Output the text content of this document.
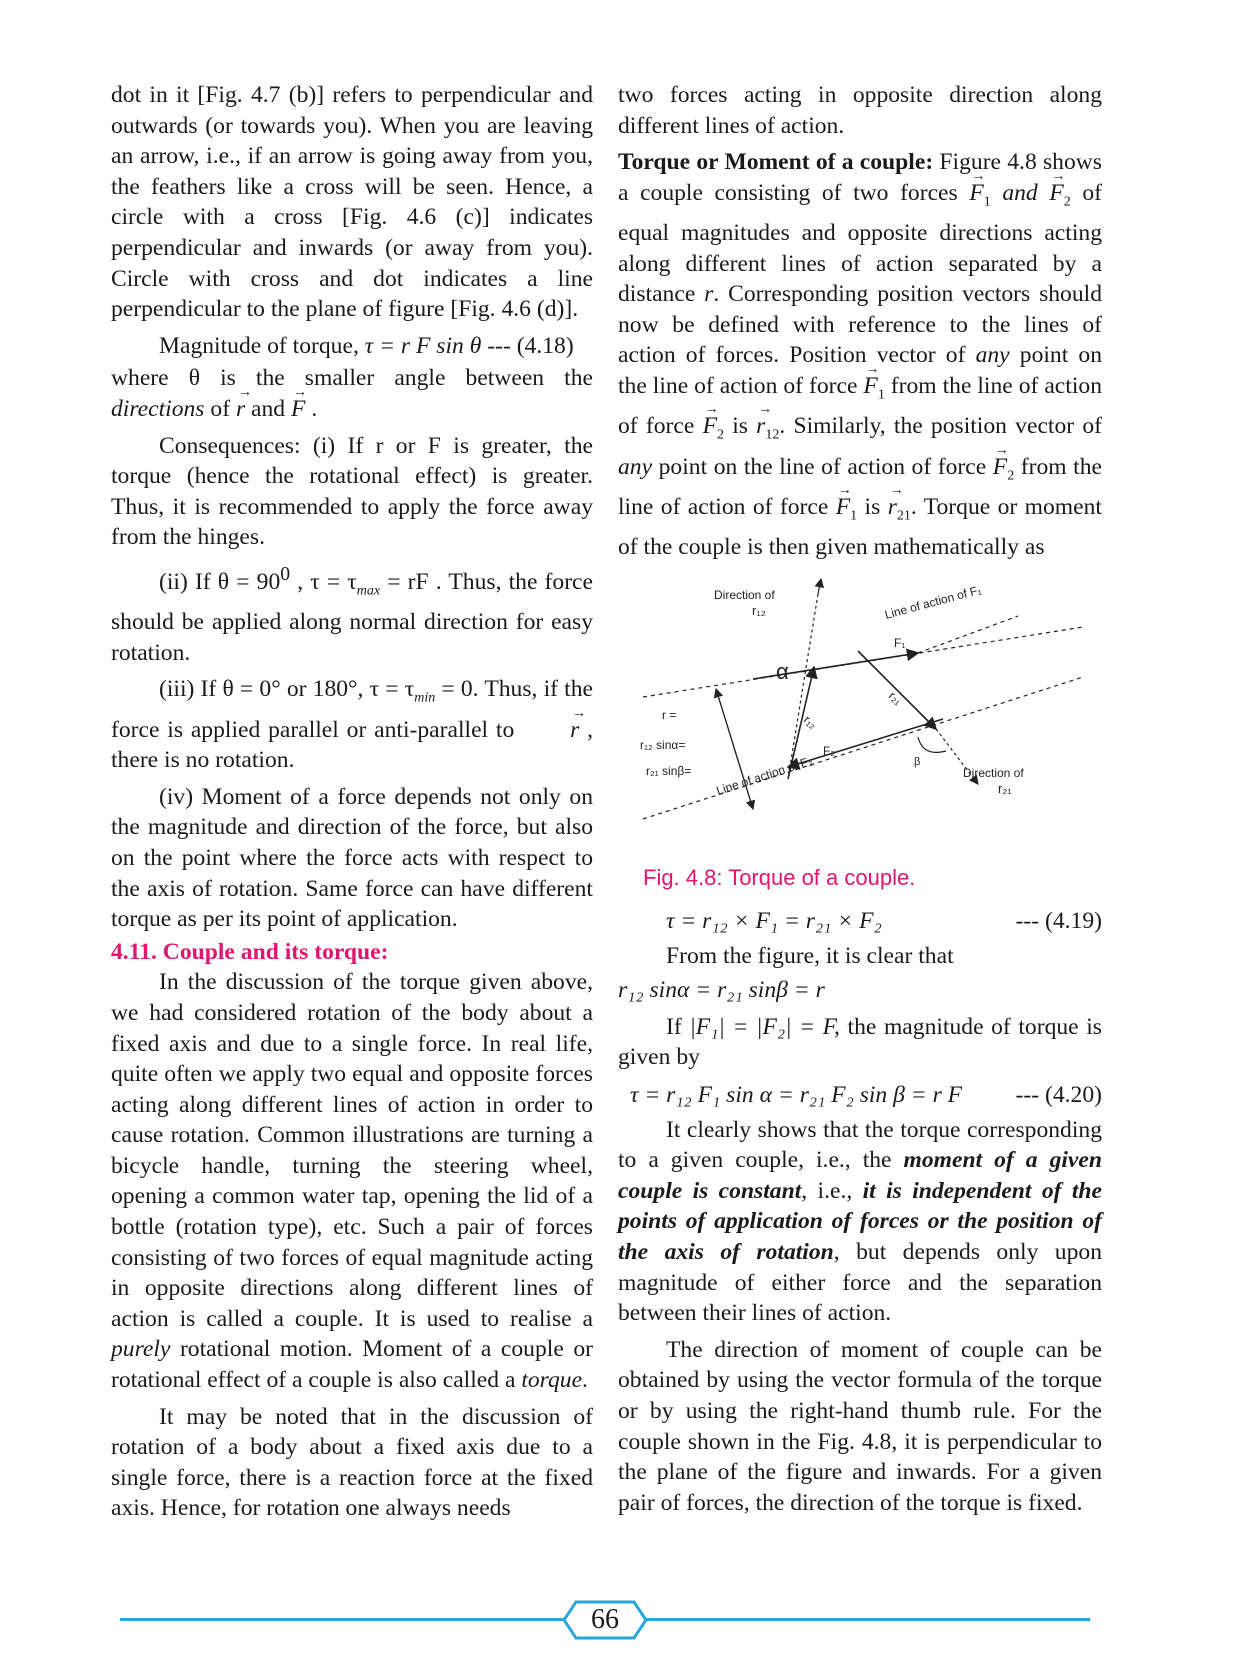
dot in it [Fig. 4.7 (b)] refers to perpendicular and outwards (or towards you). When you are leaving an arrow, i.e., if an arrow is going away from you, the feathers like a cross will be seen. Hence, a circle with a cross [Fig. 4.6 (c)] indicates perpendicular and inwards (or away from you). Circle with cross and dot indicates a line perpendicular to the plane of figure [Fig. 4.6 (d)].

Magnitude of torque, τ = r F sin θ --- (4.18)

where θ is the smaller angle between the directions of → r and → F .

Consequences: (i) If r or F is greater, the torque (hence the rotational effect) is greater. Thus, it is recommended to apply the force away from the hinges.

(ii) If $\theta = 90^0$ , $\tau = \tau_{max}$ = rF . Thus, the force should be applied along normal direction for easy rotation.

(iii) If θ = 0° or 180°, $\tau = \tau_{min} = 0$. Thus, if the force is applied parallel or anti-parallel to → r , there is no rotation.

(iv) Moment of a force depends not only on the magnitude and direction of the force, but also on the point where the force acts with respect to the axis of rotation. Same force can have different torque as per its point of application.

4.11. Couple and its torque:

In the discussion of the torque given above, we had considered rotation of the body about a fixed axis and due to a single force. In real life, quite often we apply two equal and opposite forces acting along different lines of action in order to cause rotation. Common illustrations are turning a bicycle handle, turning the steering wheel, opening a common water tap, opening the lid of a bottle (rotation type), etc. Such a pair of forces consisting of two forces of equal magnitude acting in opposite directions along different lines of action is called a couple. It is used to realise a purely rotational motion. Moment of a couple or rotational effect of a couple is also called a torque.

It may be noted that in the discussion of rotation of a body about a fixed axis due to a single force, there is a reaction force at the fixed axis. Hence, for rotation one always needs

two forces acting in opposite direction along different lines of action.

Torque or Moment of a couple: Figure 4.8 shows a couple consisting of two forces → $F_1$ and → $F_2$ of equal magnitudes and opposite directions acting along different lines of action separated by a distance r. Corresponding position vectors should now be defined with reference to the lines of action of forces. Position vector of any point on the line of action of force → $F_1$ from the line of action of force → $F_2$ is → $r_{12}$. Similarly, the position vector of any point on the line of action of force → $F_2$ from the line of action of force → $F_1$ is → $r_{21}$. Torque or moment of the couple is then given mathematically as

Direction of
r₁₂	Line of action of F₁
F₁
α
r₂₁
r =
r₁₂ sinα=
r₂₁ sinβ=
r₁₂
F₂
β
Line of action of F₂	Direction of
r₂₁

Fig. 4.8: Torque of a couple.

τ = r₁₂ × F₁ = r₂₁ × F₂	--- (4.19)

From the figure, it is clear that

r₁₂ sinα = r₂₁ sinβ = r

If |F₁| = |F₂| = F, the magnitude of torque is given by

τ = r₁₂ F₁ sin α = r₂₁ F₂ sin β = r F --- (4.20)

It clearly shows that the torque corresponding to a given couple, i.e., the moment of a given couple is constant, i.e., it is independent of the points of application of forces or the position of the axis of rotation, but depends only upon magnitude of either force and the separation between their lines of action.

The direction of moment of couple can be obtained by using the vector formula of the torque or by using the right-hand thumb rule. For the couple shown in the Fig. 4.8, it is perpendicular to the plane of the figure and inwards. For a given pair of forces, the direction of the torque is fixed.

66
